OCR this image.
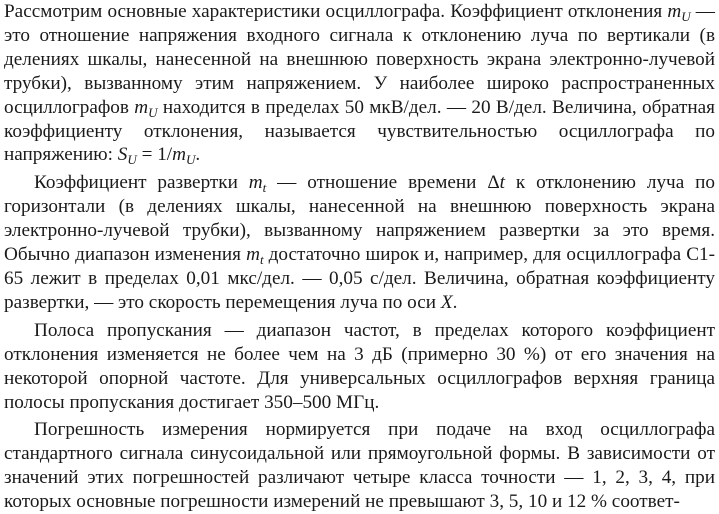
Рассмотрим основные характеристики осциллографа. Коэффициент отклонения $m_U$ — это отношение напряжения входного сигнала к отклонению луча по вертикали (в делениях шкалы, нанесенной на внешнюю поверхность экрана электронно-лучевой трубки), вызванному этим напряжением. У наиболее широко распространенных осциллографов $m_U$ находится в пределах 50 мкВ/дел. — 20 В/дел. Величина, обратная коэффициенту отклонения, называется чувствительностью осциллографа по напряжению: $S_U = 1/m_U$.

Коэффициент развертки $m_t$ — отношение времени Δt к отклонению луча по горизонтали (в делениях шкалы, нанесенной на внешнюю поверхность экрана электронно-лучевой трубки), вызванному напряжением развертки за это время. Обычно диапазон изменения $m_t$ достаточно широк и, например, для осциллографа С1-65 лежит в пределах 0,01 мкс/дел. — 0,05 с/дел. Величина, обратная коэффициенту развертки, — это скорость перемещения луча по оси X.

Полоса пропускания — диапазон частот, в пределах которого коэффициент отклонения изменяется не более чем на 3 дБ (примерно 30 %) от его значения на некоторой опорной частоте. Для универсальных осциллографов верхняя граница полосы пропускания достигает 350–500 МГц.

Погрешность измерения нормируется при подаче на вход осциллографа стандартного сигнала синусоидальной или прямоугольной формы. В зависимости от значений этих погрешностей различают четыре класса точности — 1, 2, 3, 4, при которых основные погрешности измерений не превышают 3, 5, 10 и 12 % соответ-
